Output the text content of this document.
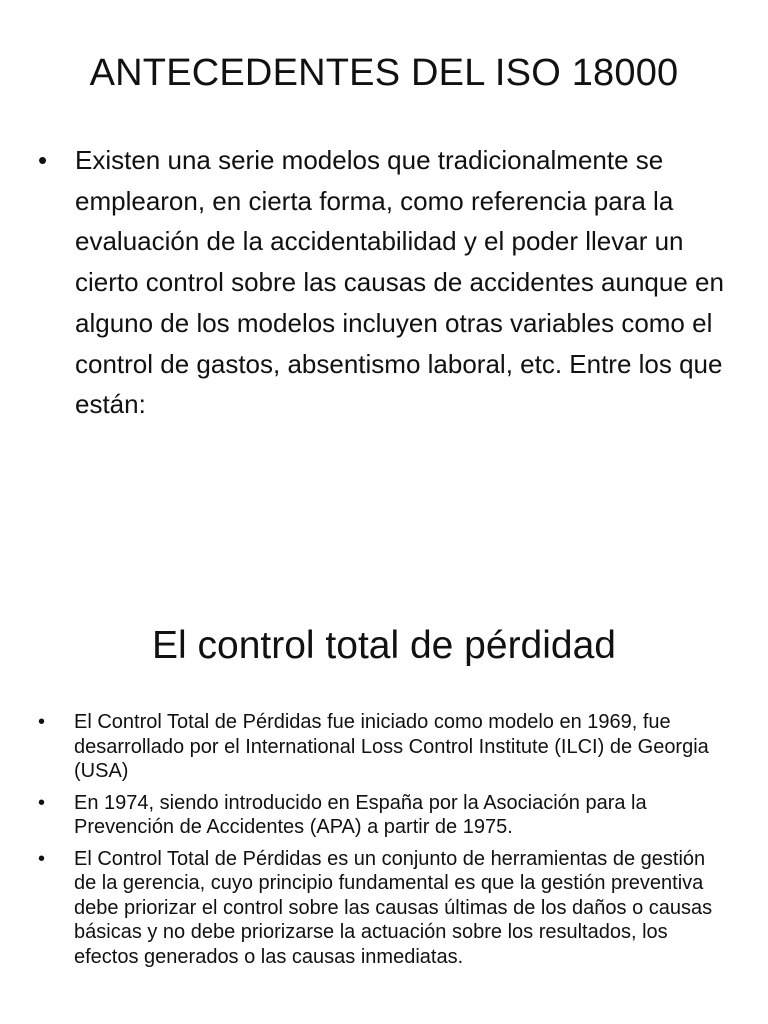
ANTECEDENTES DEL ISO 18000
•	Existen una serie modelos que tradicionalmente se emplearon, en cierta forma, como referencia para la evaluación de la accidentabilidad y el poder llevar un cierto control sobre las causas de accidentes aunque en alguno de los modelos incluyen otras variables como el control de gastos, absentismo laboral, etc. Entre los que están:
El control total de pérdidad
•	El Control Total de Pérdidas fue iniciado como modelo en 1969, fue desarrollado por el International Loss Control Institute (ILCI) de Georgia (USA)
•	En 1974, siendo introducido en España por la Asociación para la Prevención de Accidentes (APA) a partir de 1975.
•	El Control Total de Pérdidas es un conjunto de herramientas de gestión de la gerencia, cuyo principio fundamental es que la gestión preventiva debe priorizar el control sobre las causas últimas de los daños o causas básicas y no debe priorizarse la actuación sobre los resultados, los efectos generados o las causas inmediatas.
